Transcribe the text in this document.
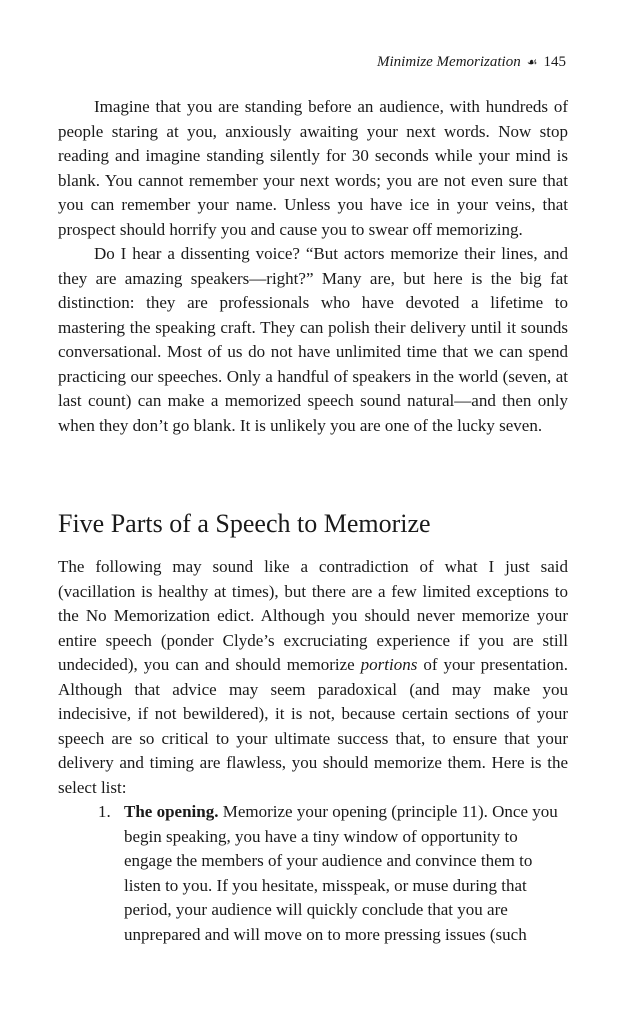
Minimize Memorization ☙ 145

Imagine that you are standing before an audience, with hundreds of people staring at you, anxiously awaiting your next words. Now stop reading and imagine standing silently for 30 seconds while your mind is blank. You cannot remember your next words; you are not even sure that you can remember your name. Unless you have ice in your veins, that prospect should horrify you and cause you to swear off memorizing.

Do I hear a dissenting voice? “But actors memorize their lines, and they are amazing speakers—right?” Many are, but here is the big fat distinction: they are professionals who have devoted a lifetime to mastering the speaking craft. They can polish their delivery until it sounds conversational. Most of us do not have unlimited time that we can spend practicing our speeches. Only a handful of speakers in the world (seven, at last count) can make a memorized speech sound natural—and then only when they don’t go blank. It is unlikely you are one of the lucky seven.

Five Parts of a Speech to Memorize

The following may sound like a contradiction of what I just said (vacillation is healthy at times), but there are a few limited exceptions to the No Memorization edict. Although you should never memorize your entire speech (ponder Clyde’s excruciating experience if you are still undecided), you can and should memorize portions of your presentation. Although that advice may seem paradoxical (and may make you indecisive, if not bewildered), it is not, because certain sections of your speech are so critical to your ultimate success that, to ensure that your delivery and timing are flawless, you should memorize them. Here is the select list:

1. The opening. Memorize your opening (principle 11). Once you begin speaking, you have a tiny window of opportunity to engage the members of your audience and convince them to listen to you. If you hesitate, misspeak, or muse during that period, your audience will quickly conclude that you are unprepared and will move on to more pressing issues (such
